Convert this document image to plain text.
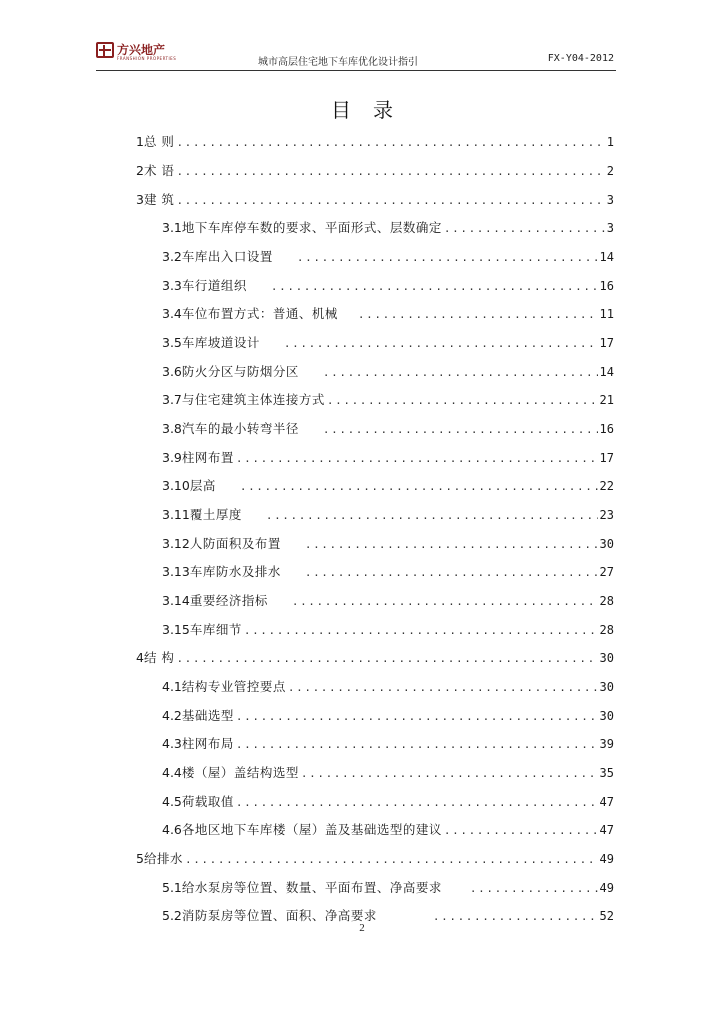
方兴地产
FRANSHION PROPERTIES	城市高层住宅地下车库优化设计指引	FX-Y04-2012
目录
1 总 则 .....	1
2 术 语 .....	2
3 建 筑 .....	3
3.1 地下车库停车数的要求、平面形式、层数确定 .....	3
3.2 车库出入口设置 .....	14
3.3 车行道组织 .....	16
3.4 车位布置方式：普通、机械 .....	11
3.5 车库坡道设计 .....	17
3.6 防火分区与防烟分区 .....	14
3.7 与住宅建筑主体连接方式 .....	21
3.8 汽车的最小转弯半径 .....	16
3.9 柱网布置 .....	17
3.10 层高 .....	22
3.11 覆土厚度 .....	23
3.12 人防面积及布置 .....	30
3.13 车库防水及排水 .....	27
3.14 重要经济指标 .....	28
3.15 车库细节 .....	28
4 结 构 .....	30
4.1 结构专业管控要点 .....	30
4.2 基础选型 .....	30
4.3 柱网布局 .....	39
4.4 楼（屋）盖结构选型 .....	35
4.5 荷载取值 .....	47
4.6 各地区地下车库楼（屋）盖及基础选型的建议 .....	47
5 给排水 .....	49
5.1 给水泵房等位置、数量、平面布置、净高要求 .....	49
5.2 消防泵房等位置、面积、净高要求 .....	52
2
